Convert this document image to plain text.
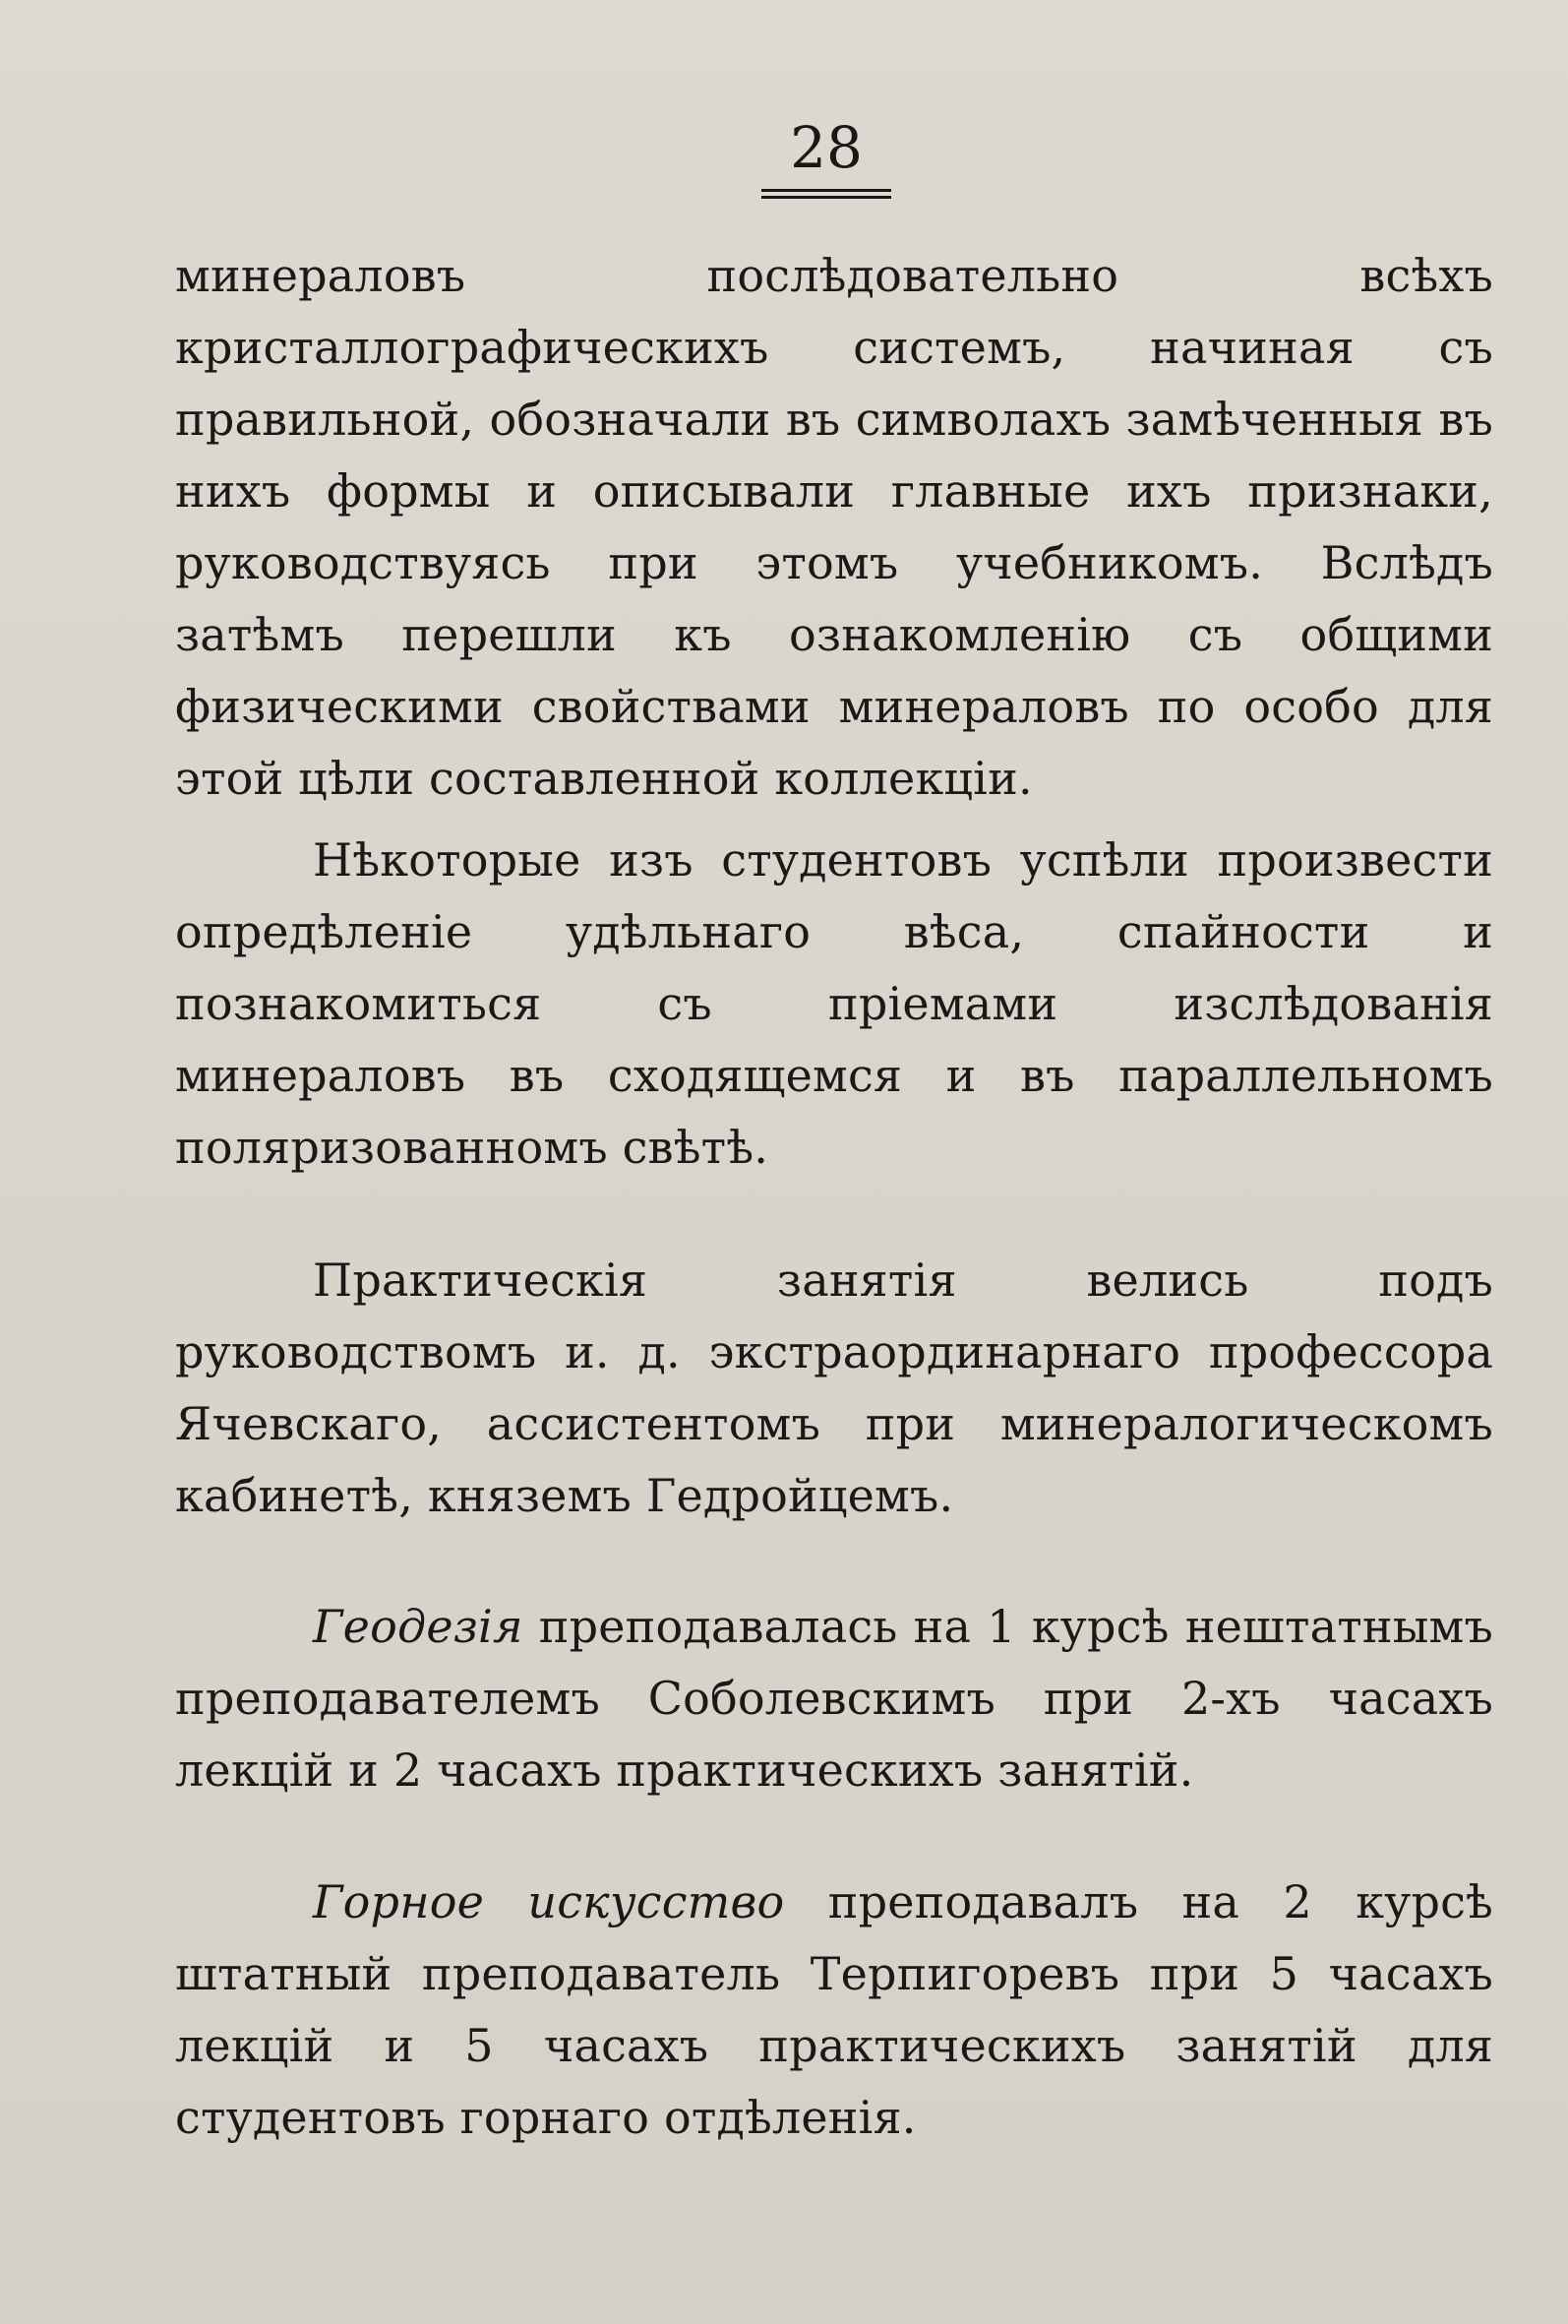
28

минераловъ послѣдовательно всѣхъ кристаллографическихъ системъ, начиная съ правильной, обозначали въ символахъ замѣченныя въ нихъ формы и описывали главные ихъ признаки, руководствуясь при этомъ учебникомъ. Вслѣдъ затѣмъ перешли къ ознакомленію съ общими физическими свойствами минераловъ по особо для этой цѣли составленной коллекціи.

Нѣкоторые изъ студентовъ успѣли произвести опредѣленіе удѣльнаго вѣса, спайности и познакомиться съ пріемами изслѣдованія минераловъ въ сходящемся и въ параллельномъ поляризованномъ свѣтѣ.

Практическія занятія велись подъ руководствомъ и. д. экстраординарнаго профессора Ячевскаго, ассистентомъ при минералогическомъ кабинетѣ, княземъ Гедройцемъ.

Геодезія преподавалась на 1 курсѣ нештатнымъ преподавателемъ Соболевскимъ при 2-хъ часахъ лекцій и 2 часахъ практическихъ занятій.

Горное искусство преподавалъ на 2 курсѣ штатный преподаватель Терпигоревъ при 5 часахъ лекцій и 5 часахъ практическихъ занятій для студентовъ горнаго отдѣленія.
